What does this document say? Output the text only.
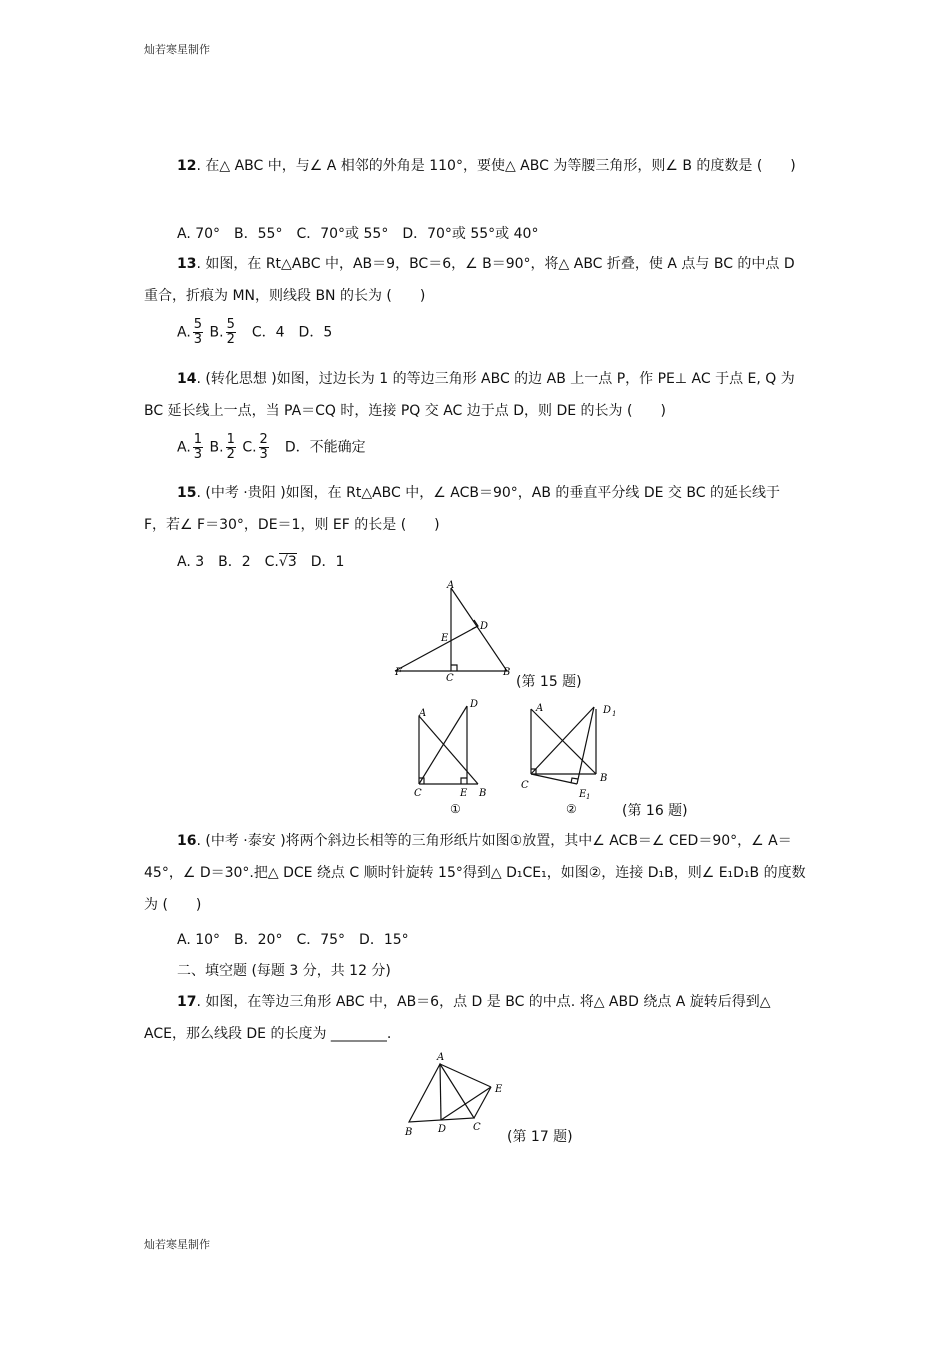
灿若寒星制作
12. 在△ ABC 中，与∠ A 相邻的外角是 110°，要使△ ABC 为等腰三角形，则∠ B 的度数是 (　　)
A. 70°　B．55°　C．70°或 55°　D．70°或 55°或 40°
13. 如图，在 Rt△ABC 中，AB＝9，BC＝6，∠ B＝90°，将△ ABC 折叠，使 A 点与 BC 的中点 D 重合，折痕为 MN，则线段 BN 的长为 (　　)
A. $\frac{5}{3} B$. $\frac{5}{2}$
　 C．4　D．5
14. (转化思想 )如图，过边长为 1 的等边三角形 ABC 的边 AB 上一点 P，作 PE⊥ AC 于点 E, Q 为 BC 延长线上一点，当 PA＝CQ 时，连接 PQ 交 AC 边于点 D，则 DE 的长为 (　　)
A. $\frac{1}{3} B$. $\frac{1}{2} C$. $\frac{2}{3}$
　 D．不能确定
15. (中考 ·贵阳 )如图，在 Rt△ABC 中，∠ ACB＝90°，AB 的垂直平分线 DE 交 BC 的延长线于 F，若∠ F＝30°，DE＝1，则 EF 的长是 (　　)
A. 3　B．2　C.√3　D．1
A
D
E
F
C
B
(第 15 题)
A
D
C	E B
①
A	D 1
C
E 1
B
②	(第 16 题)
16. (中考 ·泰安 )将两个斜边长相等的三角形纸片如图①放置，其中∠ ACB＝∠ CED＝90°，∠ A＝45°，∠ D＝30°.把△ DCE 绕点 C 顺时针旋转 15°得到△ D₁CE₁，如图②，连接 D₁B，则∠ E₁D₁B 的度数为 (　　)
A. 10°　B．20°　C．75°　D．15°
二、填空题 (每题 3 分，共 12 分)
17. 如图，在等边三角形 ABC 中，AB＝6，点 D 是 BC 的中点. 将△ ABD 绕点 A 旋转后得到△ ACE，那么线段 DE 的长度为 ________.
A
B	D	C
E
(第 17 题)
灿若寒星制作
